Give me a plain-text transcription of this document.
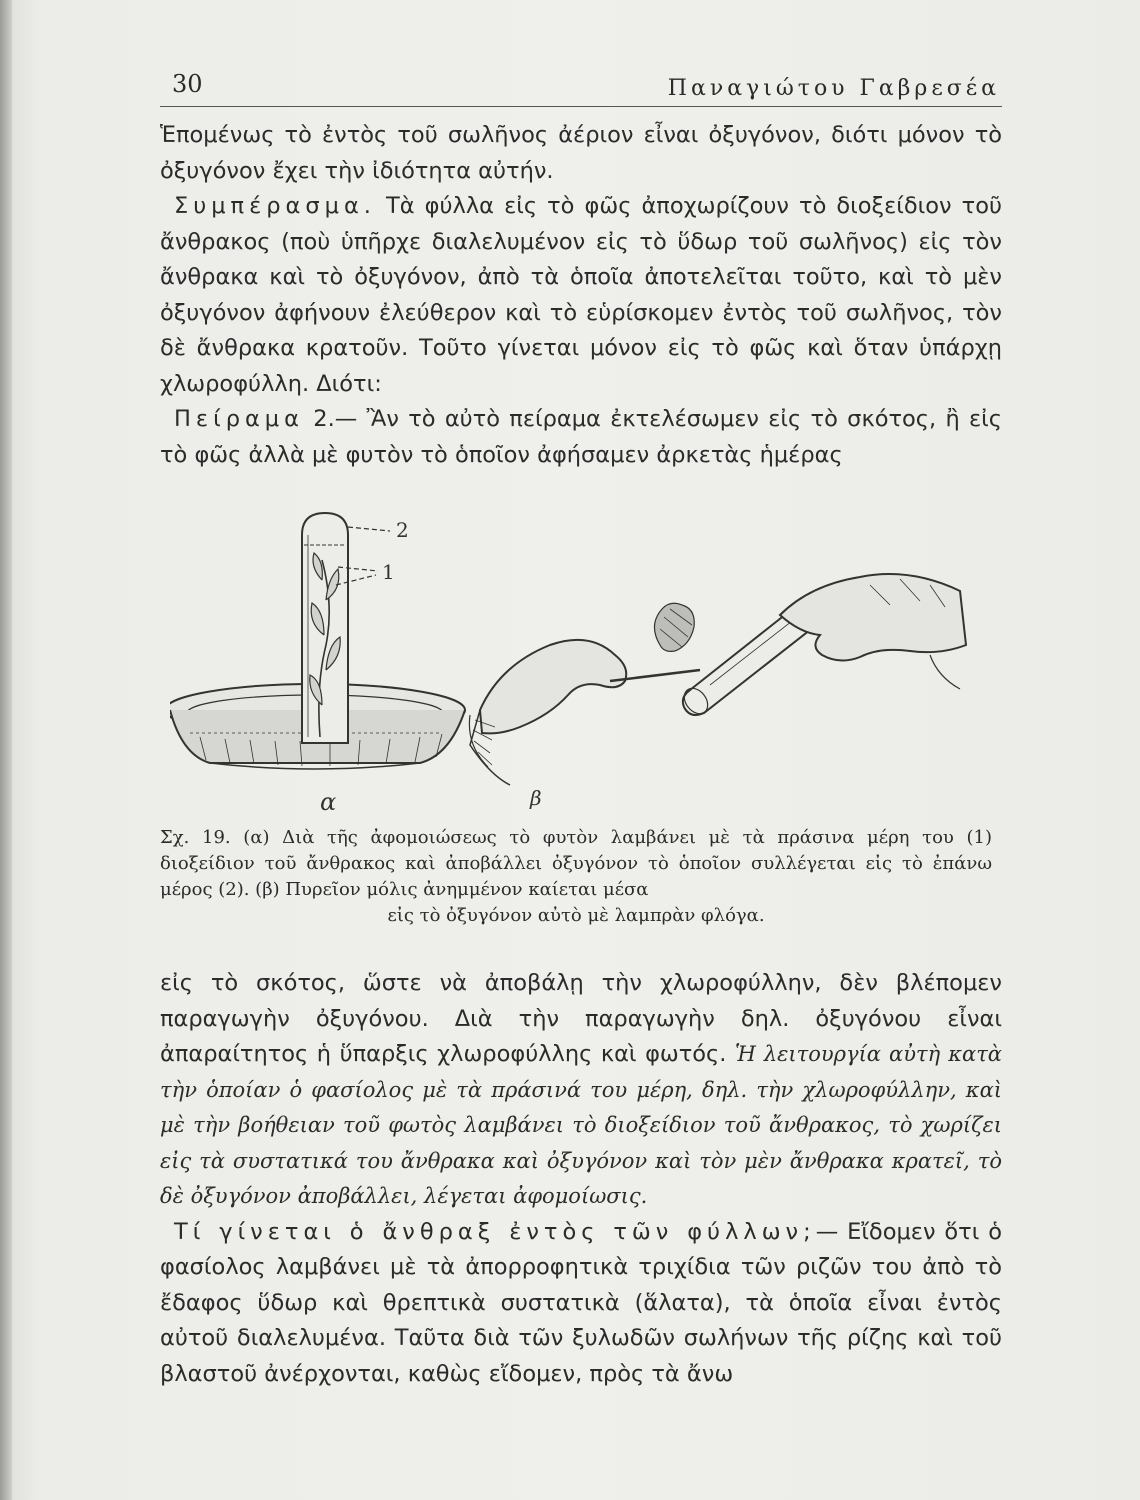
30	Παναγιώτου Γαβρεσέα

Ἑπομένως τὸ ἐντὸς τοῦ σωλῆνος ἀέριον εἶναι ὀξυγόνον, διότι μόνον τὸ ὀξυγόνον ἔχει τὴν ἰδιότητα αὐτήν.

Συμπέρασμα. Τὰ φύλλα εἰς τὸ φῶς ἀποχωρίζουν τὸ διοξείδιον τοῦ ἄνθρακος (ποὺ ὑπῆρχε διαλελυμένον εἰς τὸ ὕδωρ τοῦ σωλῆνος) εἰς τὸν ἄνθρακα καὶ τὸ ὀξυγόνον, ἀπὸ τὰ ὁποῖα ἀποτελεῖται τοῦτο, καὶ τὸ μὲν ὀξυγόνον ἀφήνουν ἐλεύθερον καὶ τὸ εὑρίσκομεν ἐντὸς τοῦ σωλῆνος, τὸν δὲ ἄνθρακα κρατοῦν. Τοῦτο γίνεται μόνον εἰς τὸ φῶς καὶ ὅταν ὑπάρχῃ χλωροφύλλη. Διότι:

Πείραμα 2.— Ἂν τὸ αὐτὸ πείραμα ἐκτελέσωμεν εἰς τὸ σκότος, ἢ εἰς τὸ φῶς ἀλλὰ μὲ φυτὸν τὸ ὁποῖον ἀφήσαμεν ἀρκετὰς ἡμέρας

2
1
α	β

Σχ. 19. (α) Διὰ τῆς ἀφομοιώσεως τὸ φυτὸν λαμβάνει μὲ τὰ πράσινα μέρη του (1) διοξείδιον τοῦ ἄνθρακος καὶ ἀποβάλλει ὀξυγόνον τὸ ὁποῖον συλλέγεται εἰς τὸ ἐπάνω μέρος (2). (β) Πυρεῖον μόλις ἀνημμένον καίεται μέσα

εἰς τὸ ὀξυγόνον αὐτὸ μὲ λαμπρὰν φλόγα.

εἰς τὸ σκότος, ὥστε νὰ ἀποβάλῃ τὴν χλωροφύλλην, δὲν βλέπομεν παραγωγὴν ὀξυγόνου. Διὰ τὴν παραγωγὴν δηλ. ὀξυγόνου εἶναι ἀπαραίτητος ἡ ὕπαρξις χλωροφύλλης καὶ φωτός. Ἡ λειτουργία αὐτὴ κατὰ τὴν ὁποίαν ὁ φασίολος μὲ τὰ πράσινά του μέρη, δηλ. τὴν χλωροφύλλην, καὶ μὲ τὴν βοήθειαν τοῦ φωτὸς λαμβάνει τὸ διοξείδιον τοῦ ἄνθρακος, τὸ χωρίζει εἰς τὰ συστατικά του ἄνθρακα καὶ ὀξυγόνον καὶ τὸν μὲν ἄνθρακα κρατεῖ, τὸ δὲ ὀξυγόνον ἀποβάλλει, λέγεται ἀφομοίωσις.

Τί γίνεται ὁ ἄνθραξ ἐντὸς τῶν φύλλων;— Εἴδομεν ὅτι ὁ φασίολος λαμβάνει μὲ τὰ ἀπορροφητικὰ τριχίδια τῶν ριζῶν του ἀπὸ τὸ ἔδαφος ὕδωρ καὶ θρεπτικὰ συστατικὰ (ἅλατα), τὰ ὁποῖα εἶναι ἐντὸς αὐτοῦ διαλελυμένα. Ταῦτα διὰ τῶν ξυλωδῶν σωλήνων τῆς ρίζης καὶ τοῦ βλαστοῦ ἀνέρχονται, καθὼς εἴδομεν, πρὸς τὰ ἄνω
